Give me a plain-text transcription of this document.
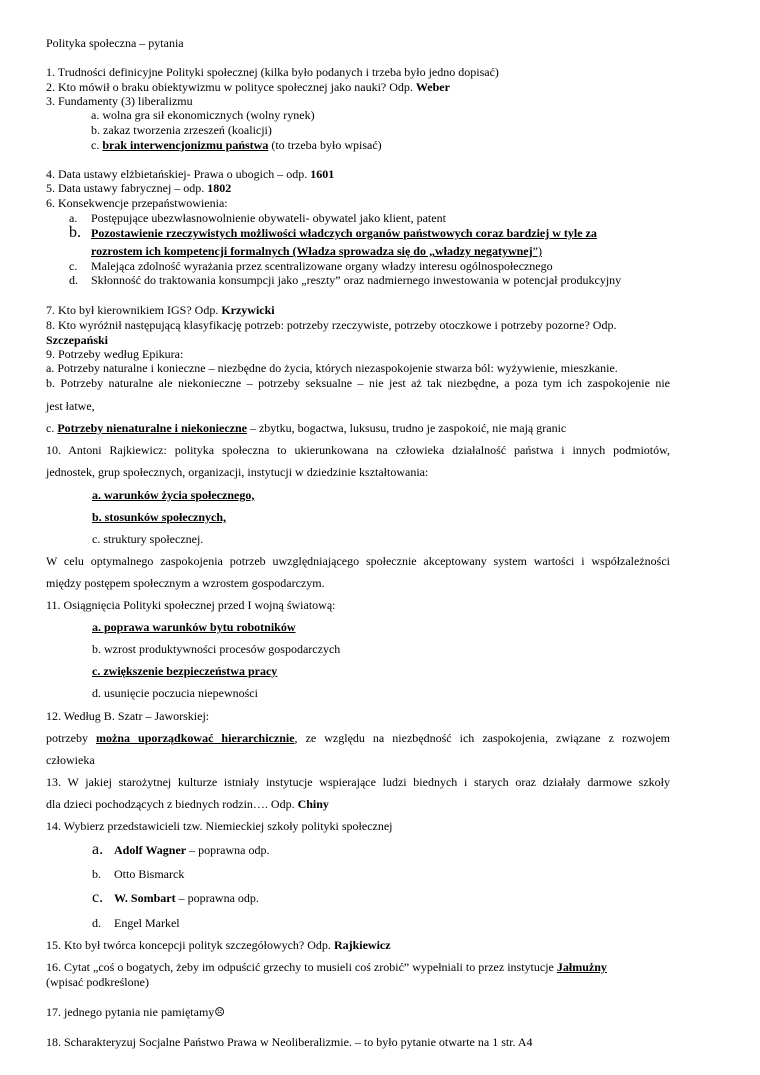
Polityka społeczna – pytania
1. Trudności definicyjne Polityki społecznej (kilka było podanych i trzeba było jedno dopisać)
2. Kto mówił o braku obiektywizmu w polityce społecznej jako nauki? Odp. Weber
3. Fundamenty (3) liberalizmu
a. wolna gra sił ekonomicznych (wolny rynek)
b. zakaz tworzenia zrzeszeń (koalicji)
c. brak interwencjonizmu państwa (to trzeba było wpisać)
4. Data ustawy elżbietańskiej- Prawa o ubogich – odp. 1601
5. Data ustawy fabrycznej – odp. 1802
6. Konsekwencje przepaństwowienia:
a. Postępujące ubezwłasnowolnienie obywateli- obywatel jako klient, patent
b. Pozostawienie rzeczywistych możliwości władczych organów państwowych coraz bardziej w tyle za
rozrostem ich kompetencji formalnych (Władza sprowadza się do „władzy negatywnej”)
c. Malejąca zdolność wyrażania przez scentralizowane organy władzy interesu ogólnospołecznego
d. Skłonność do traktowania konsumpcji jako „reszty” oraz nadmiernego inwestowania w potencjał produkcyjny
7. Kto był kierownikiem IGS? Odp. Krzywicki
8. Kto wyróżnił następującą klasyfikację potrzeb: potrzeby rzeczywiste, potrzeby otoczkowe i potrzeby pozorne? Odp.
Szczepański
9. Potrzeby według Epikura:
a. Potrzeby naturalne i konieczne – niezbędne do życia, których niezaspokojenie stwarza ból: wyżywienie, mieszkanie.
b. Potrzeby naturalne ale niekonieczne – potrzeby seksualne – nie jest aż tak niezbędne, a poza tym ich zaspokojenie nie
jest łatwe,
c. Potrzeby nienaturalne i niekonieczne – zbytku, bogactwa, luksusu, trudno je zaspokoić, nie mają granic
10. Antoni Rajkiewicz: polityka społeczna to ukierunkowana na człowieka działalność państwa i innych podmiotów,
jednostek, grup społecznych, organizacji, instytucji w dziedzinie kształtowania:
a. warunków życia społecznego,
b. stosunków społecznych,
c. struktury społecznej.
W celu optymalnego zaspokojenia potrzeb uwzględniającego społecznie akceptowany system wartości i współzależności
między postępem społecznym a wzrostem gospodarczym.
11. Osiągnięcia Polityki społecznej przed I wojną światową:
a. poprawa warunków bytu robotników
b. wzrost produktywności procesów gospodarczych
c. zwiększenie bezpieczeństwa pracy
d. usunięcie poczucia niepewności
12. Według B. Szatr – Jaworskiej:
potrzeby można uporządkować hierarchicznie, ze względu na niezbędność ich zaspokojenia, związane z rozwojem
człowieka
13. W jakiej starożytnej kulturze istniały instytucje wspierające ludzi biednych i starych oraz działały darmowe szkoły
dla dzieci pochodzących z biednych rodzin…. Odp. Chiny
14. Wybierz przedstawicieli tzw. Niemieckiej szkoły polityki społecznej
a. Adolf Wagner – poprawna odp.
b. Otto Bismarck
c. W. Sombart – poprawna odp.
d. Engel Markel
15. Kto był twórca koncepcji polityk szczegółowych? Odp. Rajkiewicz
16. Cytat „coś o bogatych, żeby im odpuścić grzechy to musieli coś zrobić” wypełniali to przez instytucje Jałmużny
(wpisać podkreślone)
17. jednego pytania nie pamiętamy☹
18. Scharakteryzuj Socjalne Państwo Prawa w Neoliberalizmie. – to było pytanie otwarte na 1 str. A4
